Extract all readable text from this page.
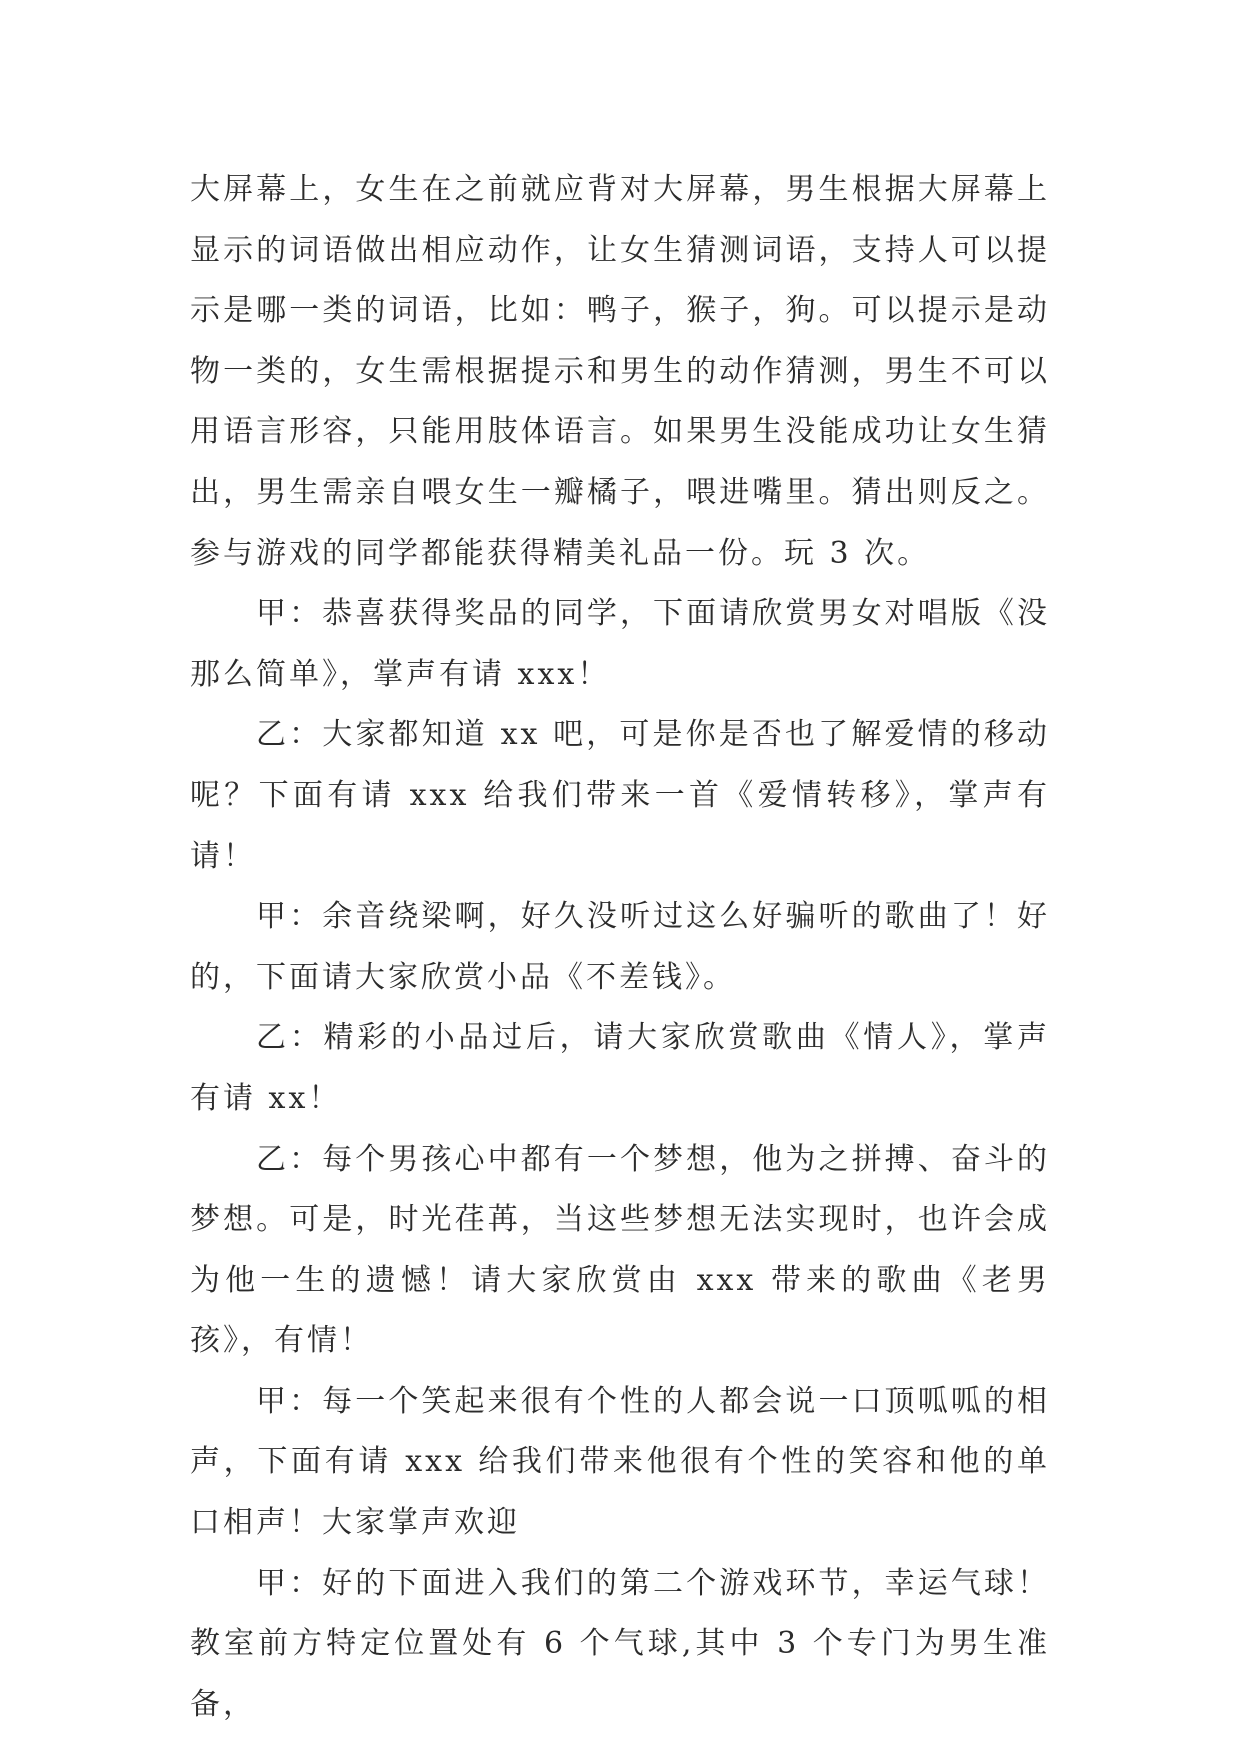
大屏幕上，女生在之前就应背对大屏幕，男生根据大屏幕上显示的词语做出相应动作，让女生猜测词语，支持人可以提示是哪一类的词语，比如：鸭子，猴子，狗。可以提示是动物一类的，女生需根据提示和男生的动作猜测，男生不可以用语言形容，只能用肢体语言。如果男生没能成功让女生猜出，男生需亲自喂女生一瓣橘子，喂进嘴里。猜出则反之。参与游戏的同学都能获得精美礼品一份。玩 3 次。

甲：恭喜获得奖品的同学，下面请欣赏男女对唱版《没那么简单》，掌声有请 xxx！

乙：大家都知道 xx 吧，可是你是否也了解爱情的移动呢？下面有请 xxx 给我们带来一首《爱情转移》，掌声有请！

甲：余音绕梁啊，好久没听过这么好骗听的歌曲了！好的，下面请大家欣赏小品《不差钱》。

乙：精彩的小品过后，请大家欣赏歌曲《情人》，掌声有请 xx！

乙：每个男孩心中都有一个梦想，他为之拼搏、奋斗的梦想。可是，时光荏苒，当这些梦想无法实现时，也许会成为他一生的遗憾！请大家欣赏由 xxx 带来的歌曲《老男孩》，有情！

甲：每一个笑起来很有个性的人都会说一口顶呱呱的相声，下面有请 xxx 给我们带来他很有个性的笑容和他的单口相声！大家掌声欢迎

甲：好的下面进入我们的第二个游戏环节，幸运气球！教室前方特定位置处有 6 个气球,其中 3 个专门为男生准备，
